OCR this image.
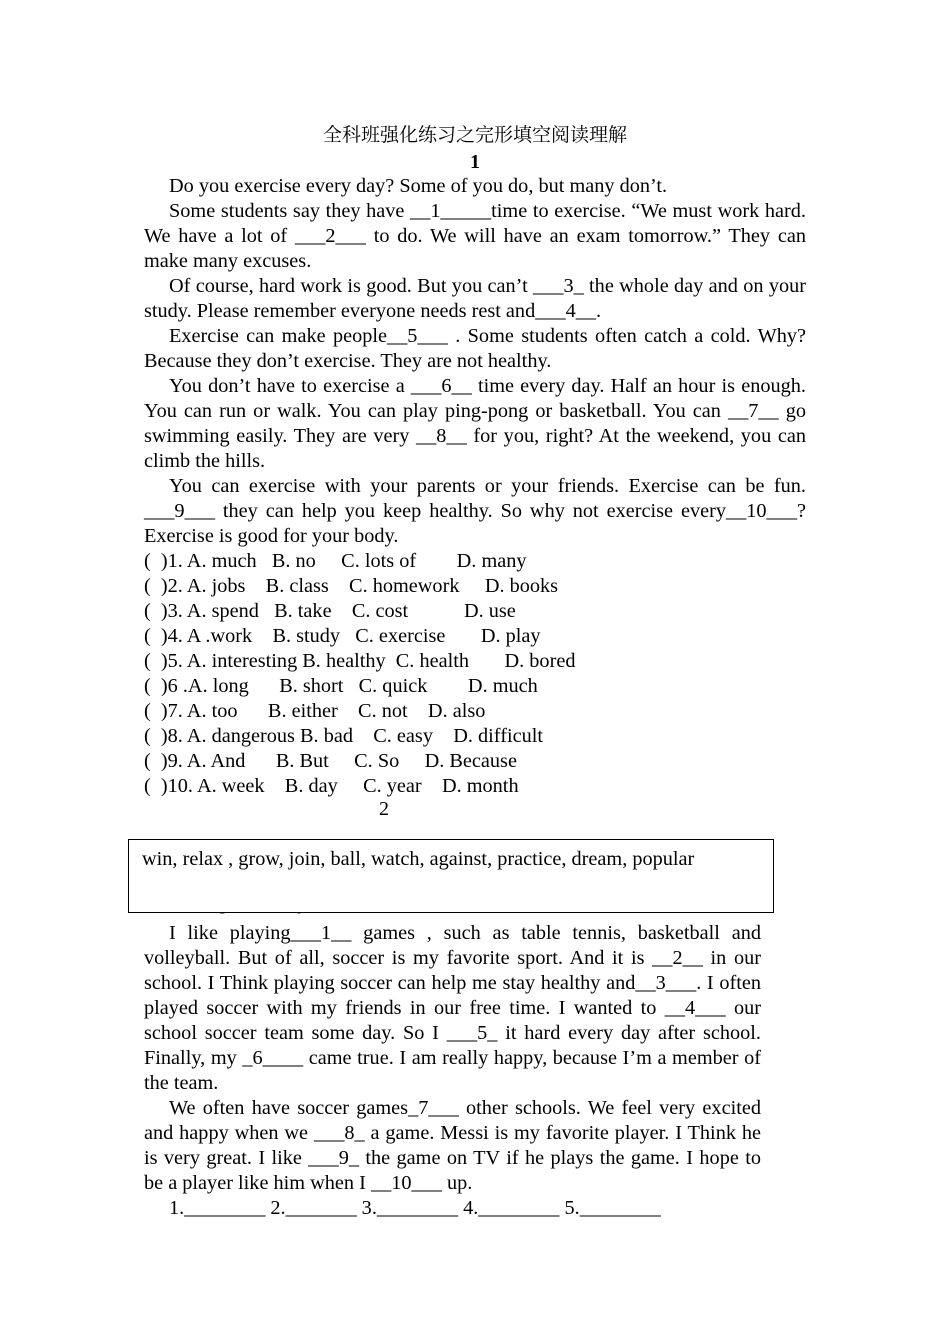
全科班强化练习之完形填空阅读理解
1

Do you exercise every day? Some of you do, but many don’t.

Some students say they have __1_____time to exercise. “We must work hard. We have a lot of ___2___ to do. We will have an exam tomorrow.” They can make many excuses.

Of course, hard work is good. But you can’t ___3_ the whole day and on your study. Please remember everyone needs rest and___4__.

Exercise can make people__5___ . Some students often catch a cold. Why? Because they don’t exercise. They are not healthy.

You don’t have to exercise a ___6__ time every day. Half an hour is enough. You can run or walk. You can play ping-pong or basketball. You can __7__ go swimming easily. They are very __8__ for you, right? At the weekend, you can climb the hills.

You can exercise with your parents or your friends. Exercise can be fun. ___9___ they can help you keep healthy. So why not exercise every__10___? Exercise is good for your body.

(  )1. A. much   B. no     C. lots of        D. many
(  )2. A. jobs    B. class    C. homework     D. books
(  )3. A. spend   B. take    C. cost           D. use
(  )4. A .work    B. study   C. exercise       D. play
(  )5. A. interesting B. healthy  C. health       D. bored
(  )6 .A. long      B. short   C. quick        D. much
(  )7. A. too      B. either    C. not    D. also
(  )8. A. dangerous B. bad    C. easy    D. difficult
(  )9. A. And      B. But     C. So     D. Because
(  )10. A. week    B. day     C. year    D. month
2
win, relax , grow, join, ball, watch, against, practice, dream, popular

I like playing___1__ games , such as table tennis, basketball and volleyball. But of all, soccer is my favorite sport. And it is __2__ in our school. I Think playing soccer can help me stay healthy and__3___. I often played soccer with my friends in our free time. I wanted to __4___ our school soccer team some day. So I ___5_ it hard every day after school. Finally, my _6____ came true. I am really happy, because I’m a member of the team.

We often have soccer games_7___ other schools. We feel very excited and happy when we ___8_ a game. Messi is my favorite player. I Think he is very great. I like ___9_ the game on TV if he plays the game. I hope to be a player like him when I __10___ up.

1.________ 2._______ 3.________ 4.________ 5.________
